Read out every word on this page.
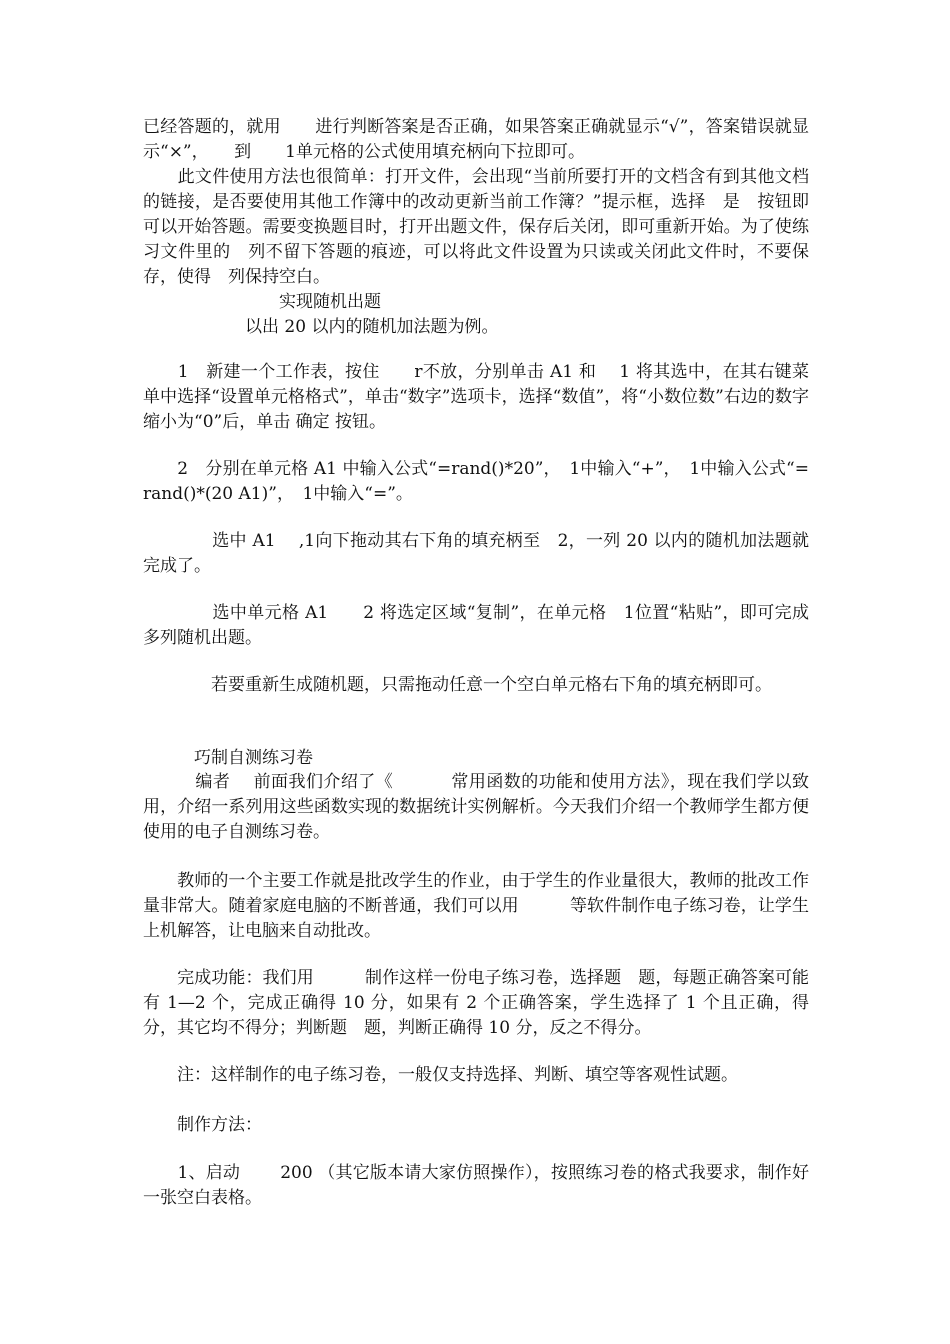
已经答题的，就用　　进行判断答案是否正确，如果答案正确就显示“√”，答案错误就显示“×”，　　到　　1单元格的公式使用填充柄向下拉即可。

　　此文件使用方法也很简单：打开文件，会出现“当前所要打开的文档含有到其他文档的链接，是否要使用其他工作簿中的改动更新当前工作簿？”提示框，选择　是　按钮即可以开始答题。需要变换题目时，打开出题文件，保存后关闭，即可重新开始。为了使练习文件里的　列不留下答题的痕迹，可以将此文件设置为只读或关闭此文件时，不要保存，使得　列保持空白。

　　　　　　　　实现随机出题

　　　　　　以出 20 以内的随机加法题为例。

　　1　新建一个工作表，按住　　r不放，分别单击 A1 和　 1 将其选中，在其右键菜单中选择“设置单元格格式”，单击“数字”选项卡，选择“数值”，将“小数位数”右边的数字缩小为“0”后，单击 确定 按钮。

　　2　分别在单元格 A1 中输入公式“=rand()*20”，　1中输入“+”，　1中输入公式“=rand()*(20 A1)”，　1中输入“=”。

　　　　选中 A1　 ,1向下拖动其右下角的填充柄至　2，一列 20 以内的随机加法题就完成了。

　　　　选中单元格 A1　　2 将选定区域“复制”，在单元格　1位置“粘贴”，即可完成多列随机出题。

　　　　若要重新生成随机题，只需拖动任意一个空白单元格右下角的填充柄即可。

　　　巧制自测练习卷

　　　编者　 前面我们介绍了《　　　 常用函数的功能和使用方法》，现在我们学以致用，介绍一系列用这些函数实现的数据统计实例解析。今天我们介绍一个教师学生都方便使用的电子自测练习卷。

　　教师的一个主要工作就是批改学生的作业，由于学生的作业量很大，教师的批改工作量非常大。随着家庭电脑的不断普通，我们可以用　　　等软件制作电子练习卷，让学生上机解答，让电脑来自动批改。

　　完成功能：我们用　　　制作这样一份电子练习卷，选择题　题，每题正确答案可能有 1—2 个，完成正确得 10 分，如果有 2 个正确答案，学生选择了 1 个且正确，得　分，其它均不得分；判断题　题，判断正确得 10 分，反之不得分。

　　注：这样制作的电子练习卷，一般仅支持选择、判断、填空等客观性试题。

　　制作方法：

　　1、启动　　 200 （其它版本请大家仿照操作），按照练习卷的格式我要求，制作好一张空白表格。
